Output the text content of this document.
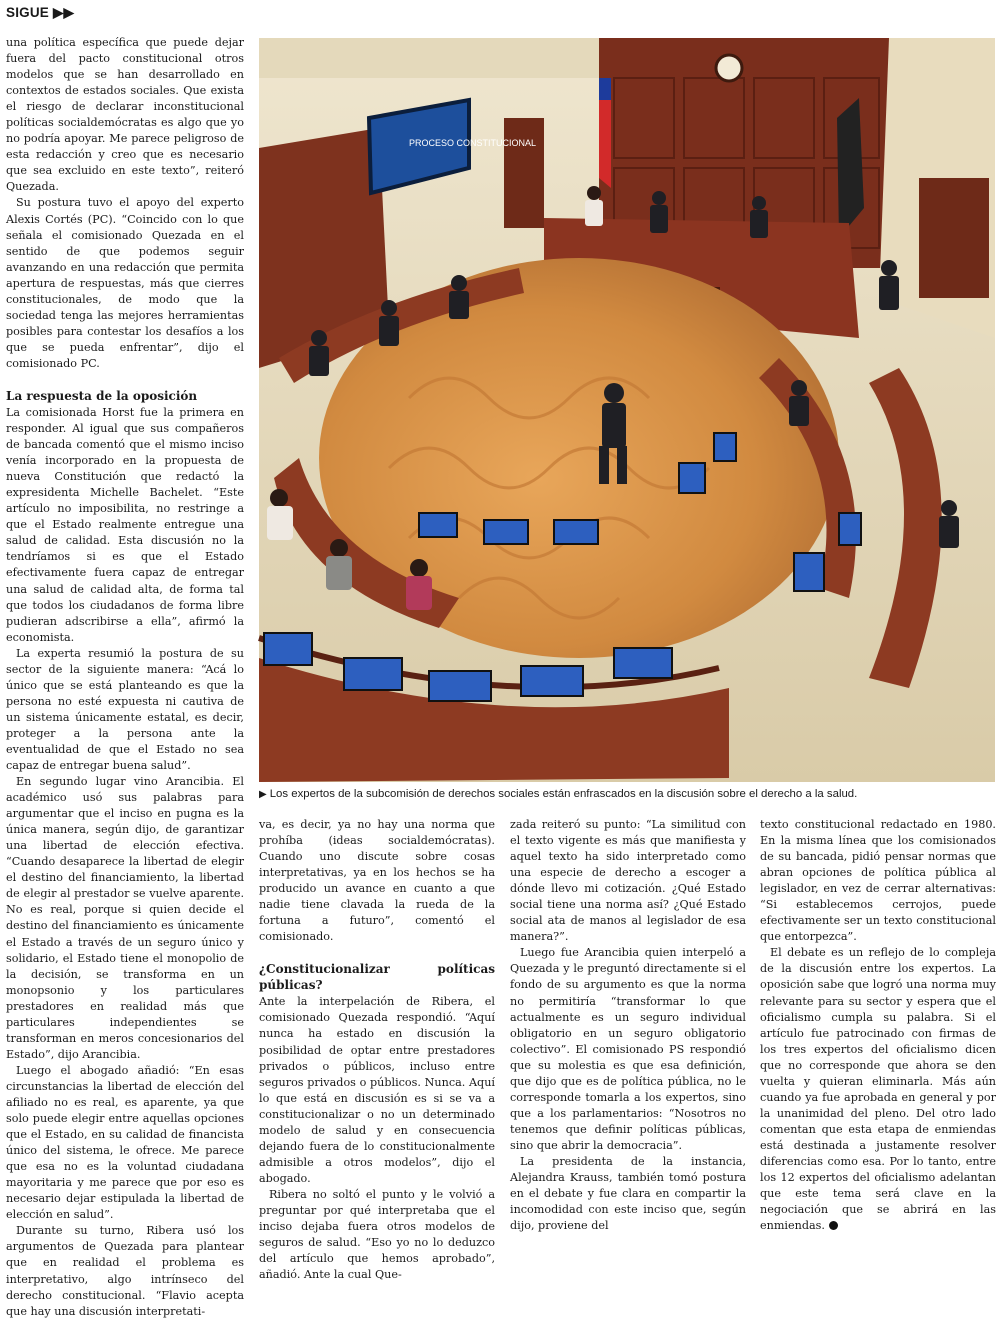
SIGUE ▶▶

una política específica que puede dejar fuera del pacto constitucional otros modelos que se han desarrollado en contextos de estados sociales. Que exista el riesgo de declarar inconstitucional políticas socialdemócratas es algo que yo no podría apoyar. Me parece peligroso de esta redacción y creo que es necesario que sea excluido en este texto”, reiteró Quezada.

Su postura tuvo el apoyo del experto Alexis Cortés (PC). “Coincido con lo que señala el comisionado Quezada en el sentido de que podemos seguir avanzando en una redacción que permita apertura de respuestas, más que cierres constitucionales, de modo que la sociedad tenga las mejores herramientas posibles para contestar los desafíos a los que se pueda enfrentar”, dijo el comisionado PC.

La respuesta de la oposición

La comisionada Horst fue la primera en responder. Al igual que sus compañeros de bancada comentó que el mismo inciso venía incorporado en la propuesta de nueva Constitución que redactó la expresidenta Michelle Bachelet. “Este artículo no imposibilita, no restringe a que el Estado realmente entregue una salud de calidad. Esta discusión no la tendríamos si es que el Estado efectivamente fuera capaz de entregar una salud de calidad alta, de forma tal que todos los ciudadanos de forma libre pudieran adscribirse a ella”, afirmó la economista.

La experta resumió la postura de su sector de la siguiente manera: “Acá lo único que se está planteando es que la persona no esté expuesta ni cautiva de un sistema únicamente estatal, es decir, proteger a la persona ante la eventualidad de que el Estado no sea capaz de entregar buena salud”.

En segundo lugar vino Arancibia. El académico usó sus palabras para argumentar que el inciso en pugna es la única manera, según dijo, de garantizar una libertad de elección efectiva. “Cuando desaparece la libertad de elegir el destino del financiamiento, la libertad de elegir al prestador se vuelve aparente. No es real, porque si quien decide el destino del financiamiento es únicamente el Estado a través de un seguro único y solidario, el Estado tiene el monopolio de la decisión, se transforma en un monopsonio y los particulares prestadores en realidad más que particulares independientes se transforman en meros concesionarios del Estado”, dijo Arancibia.

Luego el abogado añadió: “En esas circunstancias la libertad de elección del afiliado no es real, es aparente, ya que solo puede elegir entre aquellas opciones que el Estado, en su calidad de financista único del sistema, le ofrece. Me parece que esa no es la voluntad ciudadana mayoritaria y me parece que por eso es necesario dejar estipulada la libertad de elección en salud”.

Durante su turno, Ribera usó los argumentos de Quezada para plantear que en realidad el problema es interpretativo, algo intrínseco del derecho constitucional. “Flavio acepta que hay una discusión interpretati-

PROCESO CONSTITUCIONAL
▶ Los expertos de la subcomisión de derechos sociales están enfrascados en la discusión sobre el derecho a la salud.

va, es decir, ya no hay una norma que prohíba (ideas socialdemócratas). Cuando uno discute sobre cosas interpretativas, ya en los hechos se ha producido un avance en cuanto a que nadie tiene clavada la rueda de la fortuna a futuro”, comentó el comisionado.

¿Constitucionalizar políticas públicas?

Ante la interpelación de Ribera, el comisionado Quezada respondió. “Aquí nunca ha estado en discusión la posibilidad de optar entre prestadores privados o públicos, incluso entre seguros privados o públicos. Nunca. Aquí lo que está en discusión es si se va a constitucionalizar o no un determinado modelo de salud y en consecuencia dejando fuera de lo constitucionalmente admisible a otros modelos”, dijo el abogado.

Ribera no soltó el punto y le volvió a preguntar por qué interpretaba que el inciso dejaba fuera otros modelos de seguros de salud. “Eso yo no lo deduzco del artículo que hemos aprobado”, añadió. Ante la cual Que-

zada reiteró su punto: “La similitud con el texto vigente es más que manifiesta y aquel texto ha sido interpretado como una especie de derecho a escoger a dónde llevo mi cotización. ¿Qué Estado social tiene una norma así? ¿Qué Estado social ata de manos al legislador de esa manera?”.

Luego fue Arancibia quien interpeló a Quezada y le preguntó directamente si el fondo de su argumento es que la norma no permitiría “transformar lo que actualmente es un seguro individual obligatorio en un seguro obligatorio colectivo”. El comisionado PS respondió que su molestia es que esa definición, que dijo que es de política pública, no le corresponde tomarla a los expertos, sino que a los parlamentarios: “Nosotros no tenemos que definir políticas públicas, sino que abrir la democracia”.

La presidenta de la instancia, Alejandra Krauss, también tomó postura en el debate y fue clara en compartir la incomodidad con este inciso que, según dijo, proviene del

texto constitucional redactado en 1980. En la misma línea que los comisionados de su bancada, pidió pensar normas que abran opciones de política pública al legislador, en vez de cerrar alternativas: “Si establecemos cerrojos, puede efectivamente ser un texto constitucional que entorpezca”.

El debate es un reflejo de lo compleja de la discusión entre los expertos. La oposición sabe que logró una norma muy relevante para su sector y espera que el oficialismo cumpla su palabra. Si el artículo fue patrocinado con firmas de los tres expertos del oficialismo dicen que no corresponde que ahora se den vuelta y quieran eliminarla. Más aún cuando ya fue aprobada en general y por la unanimidad del pleno. Del otro lado comentan que esta etapa de enmiendas está destinada a justamente resolver diferencias como esa. Por lo tanto, entre los 12 expertos del oficialismo adelantan que este tema será clave en la negociación que se abrirá en las enmiendas.
